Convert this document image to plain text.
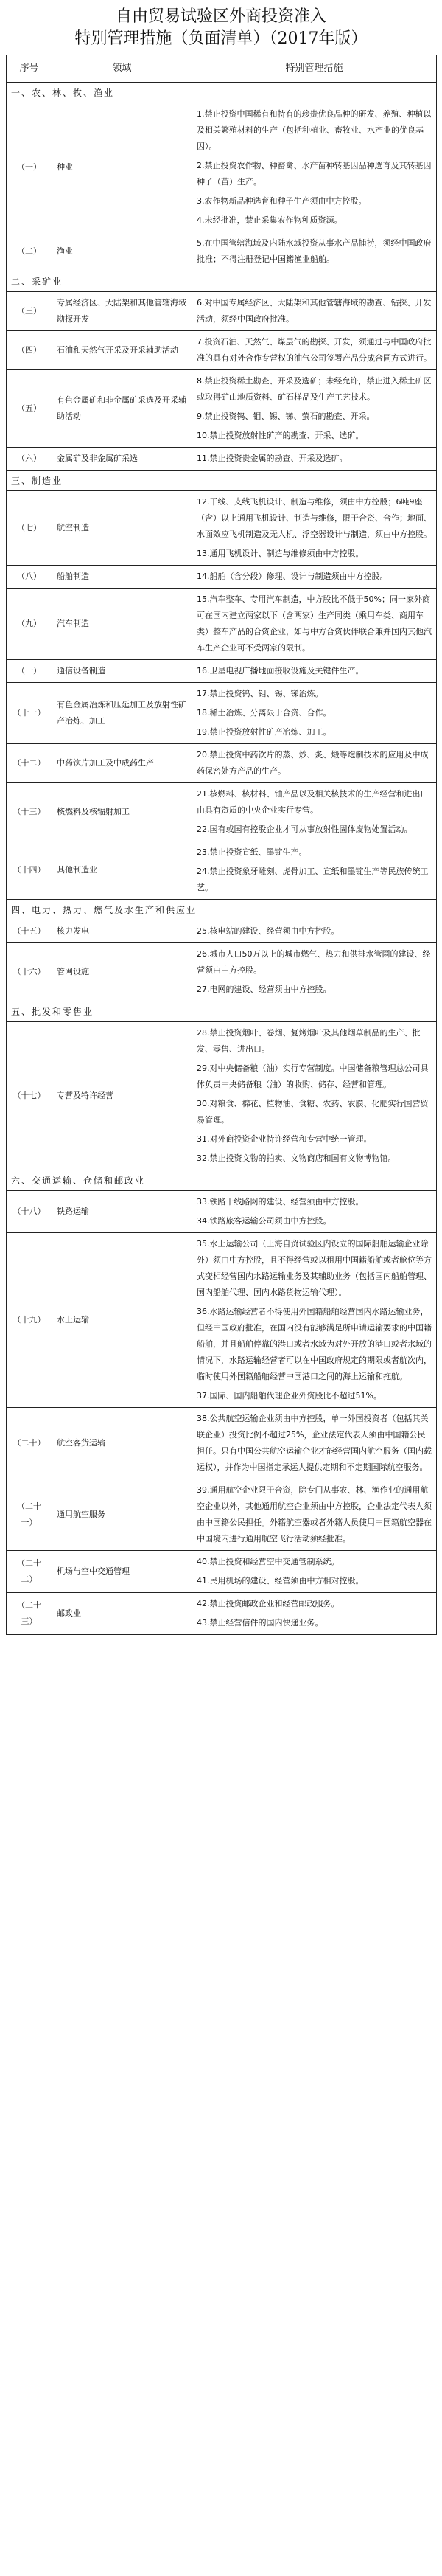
自由贸易试验区外商投资准入
特别管理措施（负面清单）（2017年版）
序号	领域	特别管理措施
一、农、林、牧、渔业		
（一）	种业	1.禁止投资中国稀有和特有的珍贵优良品种的研发、养殖、种植以及相关繁殖材料的生产（包括种植业、畜牧业、水产业的优良基因）。

2.禁止投资农作物、种畜禽、水产苗种转基因品种选育及其转基因种子（苗）生产。

3.农作物新品种选育和种子生产须由中方控股。

4.未经批准，禁止采集农作物种质资源。

（二）	渔业	5.在中国管辖海域及内陆水域投资从事水产品捕捞，须经中国政府批准；不得注册登记中国籍渔业船舶。

二、采矿业		
（三）	专属经济区、大陆架和其他管辖海域勘探开发	6.对中国专属经济区、大陆架和其他管辖海域的勘查、钻探、开发活动，须经中国政府批准。

（四）	石油和天然气开采及开采辅助活动	7.投资石油、天然气、煤层气的勘探、开发，须通过与中国政府批准的具有对外合作专营权的油气公司签署产品分成合同方式进行。

（五）	有色金属矿和非金属矿采选及开采辅助活动	8.禁止投资稀土勘查、开采及选矿；未经允许，禁止进入稀土矿区或取得矿山地质资料、矿石样品及生产工艺技术。

9.禁止投资钨、钼、锡、锑、萤石的勘查、开采。

10.禁止投资放射性矿产的勘查、开采、选矿。

（六）	金属矿及非金属矿采选	11.禁止投资贵金属的勘查、开采及选矿。

三、制造业		
（七）	航空制造	12.干线、支线飞机设计、制造与维修，须由中方控股；6吨9座（含）以上通用飞机设计、制造与维修，限于合资、合作；地面、水面效应飞机制造及无人机、浮空器设计与制造，须由中方控股。

13.通用飞机设计、制造与维修须由中方控股。

（八）	船舶制造	14.船舶（含分段）修理、设计与制造须由中方控股。

（九）	汽车制造	15.汽车整车、专用汽车制造，中方股比不低于50%；同一家外商可在国内建立两家以下（含两家）生产同类（乘用车类、商用车类）整车产品的合资企业，如与中方合资伙伴联合兼并国内其他汽车生产企业可不受两家的限制。

（十）	通信设备制造	16.卫星电视广播地面接收设施及关键件生产。

（十一）	有色金属冶炼和压延加工及放射性矿产冶炼、加工	17.禁止投资钨、钼、锡、锑冶炼。

18.稀土冶炼、分离限于合资、合作。

19.禁止投资放射性矿产冶炼、加工。

（十二）	中药饮片加工及中成药生产	20.禁止投资中药饮片的蒸、炒、炙、煅等炮制技术的应用及中成药保密处方产品的生产。

（十三）	核燃料及核辐射加工	21.核燃料、核材料、铀产品以及相关核技术的生产经营和进出口由具有资质的中央企业实行专营。

22.国有或国有控股企业才可从事放射性固体废物处置活动。

（十四）	其他制造业	23.禁止投资宣纸、墨锭生产。

24.禁止投资象牙雕刻、虎骨加工、宣纸和墨锭生产等民族传统工艺。

四、电力、热力、燃气及水生产和供应业		
（十五）	核力发电	25.核电站的建设、经营须由中方控股。

（十六）	管网设施	26.城市人口50万以上的城市燃气、热力和供排水管网的建设、经营须由中方控股。

27.电网的建设、经营须由中方控股。

五、批发和零售业		
（十七）	专营及特许经营	28.禁止投资烟叶、卷烟、复烤烟叶及其他烟草制品的生产、批发、零售、进出口。

29.对中央储备粮（油）实行专营制度。中国储备粮管理总公司具体负责中央储备粮（油）的收购、储存、经营和管理。

30.对粮食、棉花、植物油、食糖、农药、农膜、化肥实行国营贸易管理。

31.对外商投资企业特许经营和专营中统一管理。

32.禁止投资文物的拍卖、文物商店和国有文物博物馆。

六、交通运输、仓储和邮政业		
（十八）	铁路运输	33.铁路干线路网的建设、经营须由中方控股。

34.铁路旅客运输公司须由中方控股。

（十九）	水上运输	35.水上运输公司（上海自贸试验区内设立的国际船舶运输企业除外）须由中方控股，且不得经营或以租用中国籍船舶或者舱位等方式变相经营国内水路运输业务及其辅助业务（包括国内船舶管理、国内船舶代理、国内水路货物运输代理）。

36.水路运输经营者不得使用外国籍船舶经营国内水路运输业务，但经中国政府批准，在国内没有能够满足所申请运输要求的中国籍船舶，并且船舶停靠的港口或者水域为对外开放的港口或者水域的情况下，水路运输经营者可以在中国政府规定的期限或者航次内，临时使用外国籍船舶经营中国港口之间的海上运输和拖航。

37.国际、国内船舶代理企业外资股比不超过51%。

（二十）	航空客货运输	38.公共航空运输企业须由中方控股，单一外国投资者（包括其关联企业）投资比例不超过25%，企业法定代表人须由中国籍公民担任。只有中国公共航空运输企业才能经营国内航空服务（国内载运权），并作为中国指定承运人提供定期和不定期国际航空服务。

（二十一）	通用航空服务	39.通用航空企业限于合资，除专门从事农、林、渔作业的通用航空企业以外，其他通用航空企业须由中方控股，企业法定代表人须由中国籍公民担任。外籍航空器或者外籍人员使用中国籍航空器在中国境内进行通用航空飞行活动须经批准。

（二十二）	机场与空中交通管理	40.禁止投资和经营空中交通管制系统。

41.民用机场的建设、经营须由中方相对控股。

（二十三）	邮政业	42.禁止投资邮政企业和经营邮政服务。

43.禁止经营信件的国内快递业务。
